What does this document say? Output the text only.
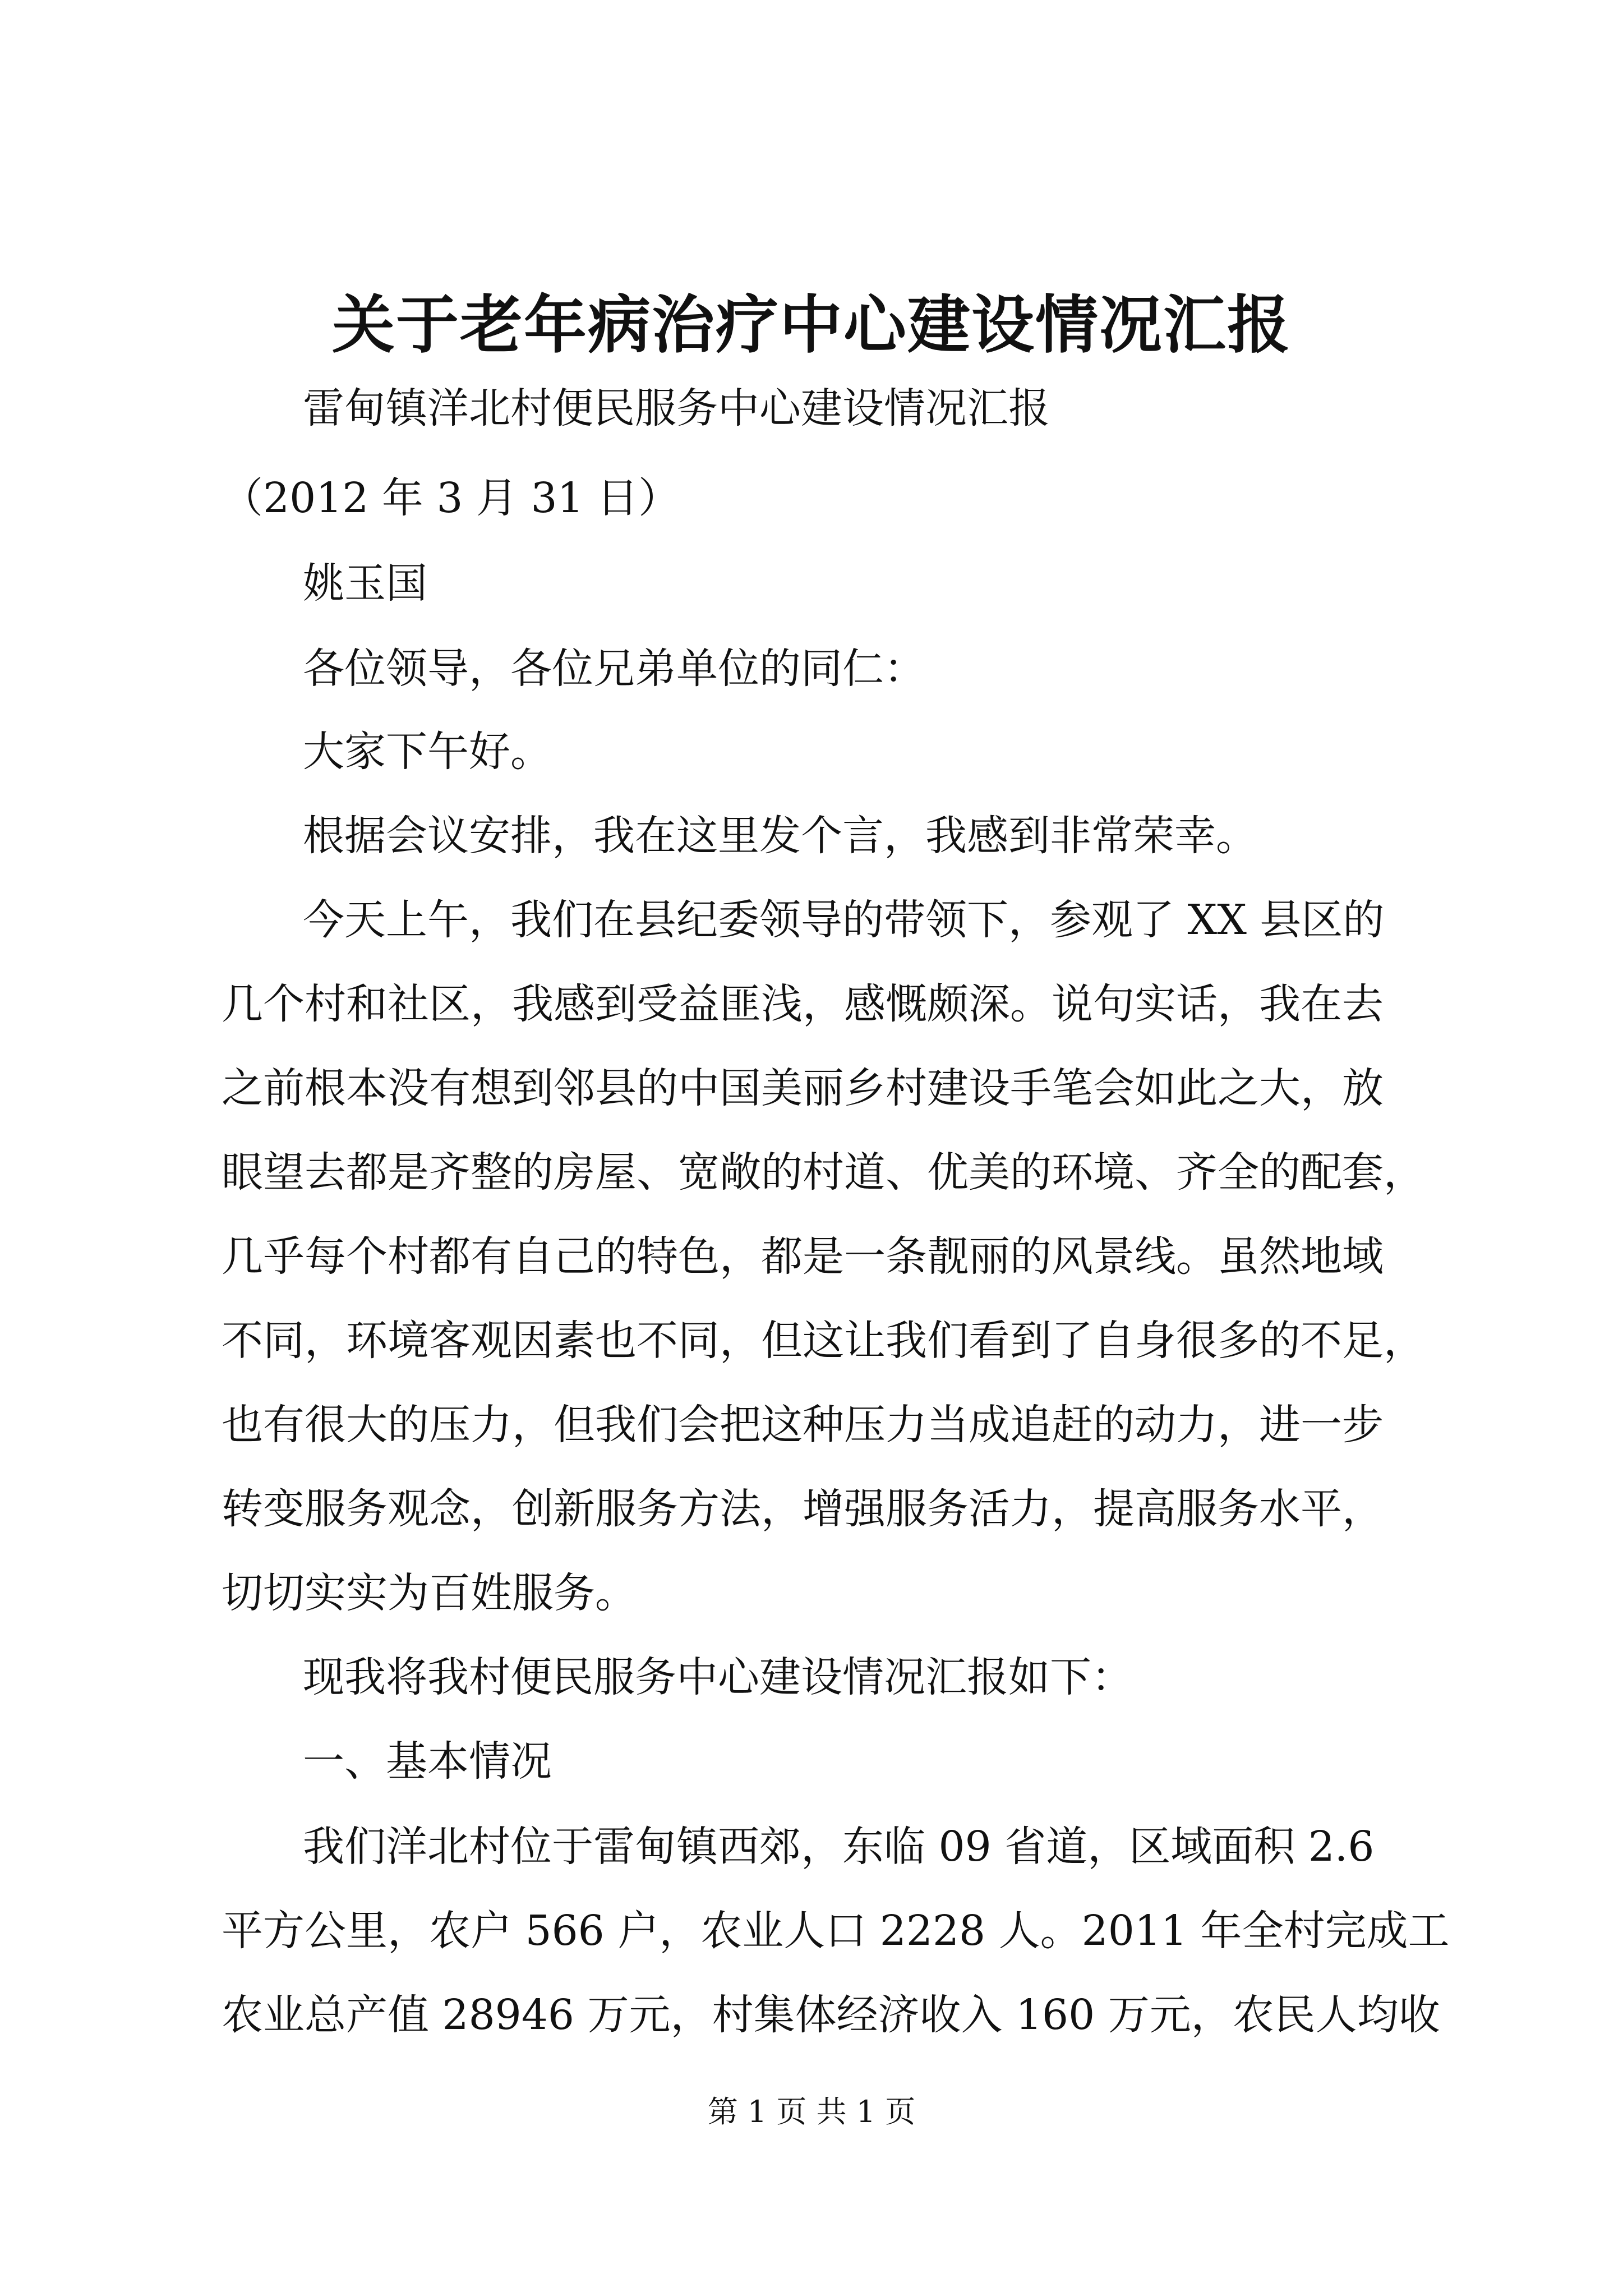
关于老年病治疗中心建设情况汇报

雷甸镇洋北村便民服务中心建设情况汇报

（2012 年 3 月 31 日）

姚玉国

各位领导，各位兄弟单位的同仁：

大家下午好。

根据会议安排，我在这里发个言，我感到非常荣幸。

今天上午，我们在县纪委领导的带领下，参观了 XX 县区的

几个村和社区，我感到受益匪浅，感慨颇深。说句实话，我在去

之前根本没有想到邻县的中国美丽乡村建设手笔会如此之大，放

眼望去都是齐整的房屋、宽敞的村道、优美的环境、齐全的配套，

几乎每个村都有自己的特色，都是一条靓丽的风景线。虽然地域

不同，环境客观因素也不同，但这让我们看到了自身很多的不足，

也有很大的压力，但我们会把这种压力当成追赶的动力，进一步

转变服务观念，创新服务方法，增强服务活力，提高服务水平，

切切实实为百姓服务。

现我将我村便民服务中心建设情况汇报如下：

一、基本情况

我们洋北村位于雷甸镇西郊，东临 09 省道，区域面积 2.6

平方公里，农户 566 户，农业人口 2228 人。2011 年全村完成工

农业总产值 28946 万元，村集体经济收入 160 万元，农民人均收

第 1 页 共 1 页
